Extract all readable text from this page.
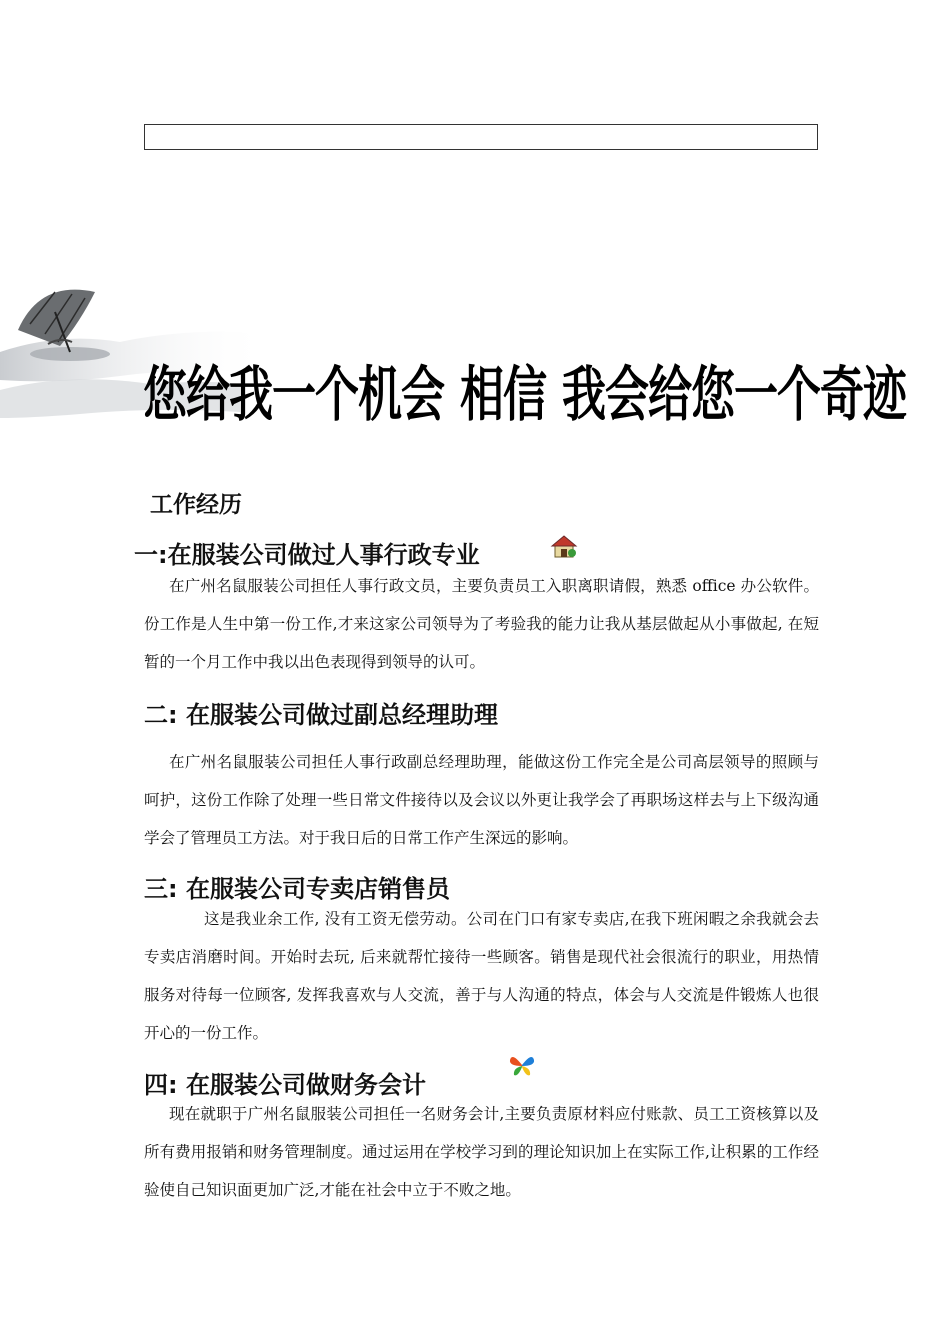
您给我一个机会 相信 我会给您一个奇迹
工作经历
一:在服装公司做过人事行政专业
在广州名鼠服装公司担任人事行政文员，主要负责员工入职离职请假，熟悉 office 办公软件。份工作是人生中第一份工作,才来这家公司领导为了考验我的能力让我从基层做起从小事做起, 在短暂的一个月工作中我以出色表现得到领导的认可。
二: 在服装公司做过副总经理助理
在广州名鼠服装公司担任人事行政副总经理助理，能做这份工作完全是公司高层领导的照顾与呵护，这份工作除了处理一些日常文件接待以及会议以外更让我学会了再职场这样去与上下级沟通学会了管理员工方法。对于我日后的日常工作产生深远的影响。
三: 在服装公司专卖店销售员
这是我业余工作, 没有工资无偿劳动。公司在门口有家专卖店,在我下班闲暇之余我就会去专卖店消磨时间。开始时去玩, 后来就帮忙接待一些顾客。销售是现代社会很流行的职业，用热情服务对待每一位顾客, 发挥我喜欢与人交流，善于与人沟通的特点，体会与人交流是件锻炼人也很开心的一份工作。
四: 在服装公司做财务会计
现在就职于广州名鼠服装公司担任一名财务会计,主要负责原材料应付账款、员工工资核算以及所有费用报销和财务管理制度。通过运用在学校学习到的理论知识加上在实际工作,让积累的工作经验使自己知识面更加广泛,才能在社会中立于不败之地。
